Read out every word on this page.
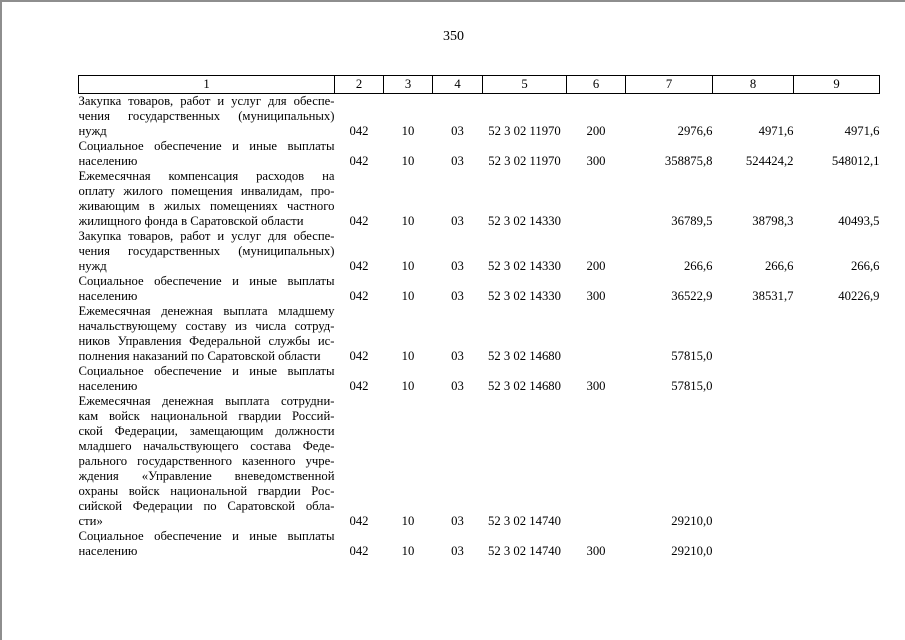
350
1	2	3	4	5	6	7	8	9

Закупка товаров, работ и услуг для обеспе-
чения государственных (муниципальных)
нужд	042	10	03	52 3 02 11970	200	2976,6	4971,6	4971,6

Социальное обеспечение и иные выплаты
населению	042	10	03	52 3 02 11970	300	358875,8	524424,2	548012,1

Ежемесячная компенсация расходов на
оплату жилого помещения инвалидам, про-
живающим в жилых помещениях частного
жилищного фонда в Саратовской области	042	10	03	52 3 02 14330		36789,5	38798,3	40493,5

Закупка товаров, работ и услуг для обеспе-
чения государственных (муниципальных)
нужд	042	10	03	52 3 02 14330	200	266,6	266,6	266,6

Социальное обеспечение и иные выплаты
населению	042	10	03	52 3 02 14330	300	36522,9	38531,7	40226,9

Ежемесячная денежная выплата младшему
начальствующему составу из числа сотруд-
ников Управления Федеральной службы ис-
полнения наказаний по Саратовской области	042	10	03	52 3 02 14680		57815,0		

Социальное обеспечение и иные выплаты
населению	042	10	03	52 3 02 14680	300	57815,0		

Ежемесячная денежная выплата сотрудни-
кам войск национальной гвардии Россий-
ской Федерации, замещающим должности
младшего начальствующего состава Феде-
рального государственного казенного учре-
ждения «Управление вневедомственной
охраны войск национальной гвардии Рос-
сийской Федерации по Саратовской обла-
сти»	042	10	03	52 3 02 14740		29210,0		

Социальное обеспечение и иные выплаты
населению	042	10	03	52 3 02 14740	300	29210,0		
